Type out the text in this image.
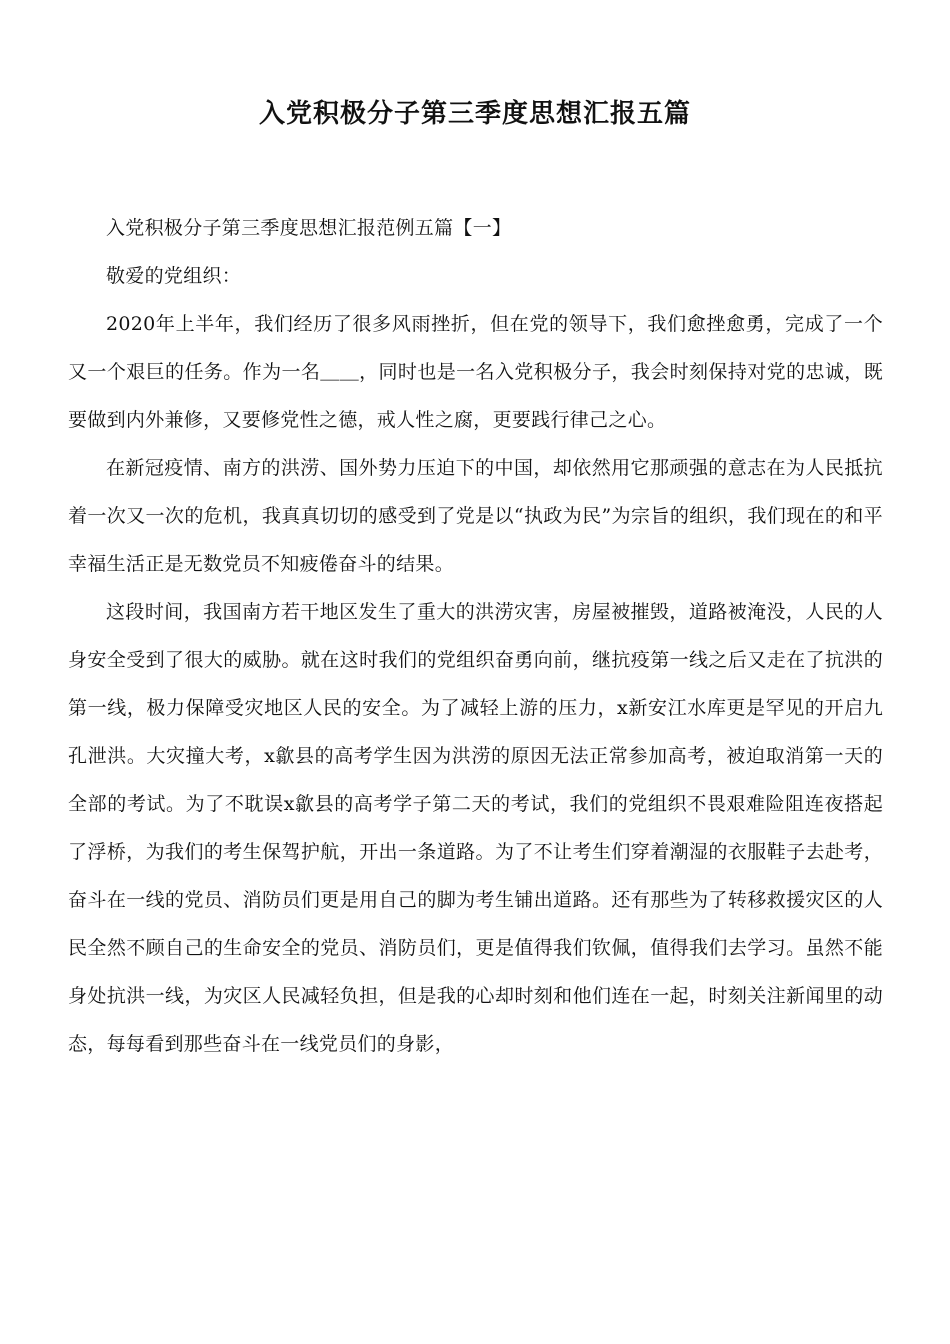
入党积极分子第三季度思想汇报五篇

入党积极分子第三季度思想汇报范例五篇【一】

敬爱的党组织：

2020年上半年，我们经历了很多风雨挫折，但在党的领导下，我们愈挫愈勇，完成了一个又一个艰巨的任务。作为一名＿＿，同时也是一名入党积极分子，我会时刻保持对党的忠诚，既要做到内外兼修，又要修党性之德，戒人性之腐，更要践行律己之心。

在新冠疫情、南方的洪涝、国外势力压迫下的中国，却依然用它那顽强的意志在为人民抵抗着一次又一次的危机，我真真切切的感受到了党是以“执政为民”为宗旨的组织，我们现在的和平幸福生活正是无数党员不知疲倦奋斗的结果。

这段时间，我国南方若干地区发生了重大的洪涝灾害，房屋被摧毁，道路被淹没，人民的人身安全受到了很大的威胁。就在这时我们的党组织奋勇向前，继抗疫第一线之后又走在了抗洪的第一线，极力保障受灾地区人民的安全。为了减轻上游的压力，x新安江水库更是罕见的开启九孔泄洪。大灾撞大考，x歙县的高考学生因为洪涝的原因无法正常参加高考，被迫取消第一天的全部的考试。为了不耽误x歙县的高考学子第二天的考试，我们的党组织不畏艰难险阻连夜搭起了浮桥，为我们的考生保驾护航，开出一条道路。为了不让考生们穿着潮湿的衣服鞋子去赴考，奋斗在一线的党员、消防员们更是用自己的脚为考生铺出道路。还有那些为了转移救援灾区的人民全然不顾自己的生命安全的党员、消防员们，更是值得我们钦佩，值得我们去学习。虽然不能身处抗洪一线，为灾区人民减轻负担，但是我的心却时刻和他们连在一起，时刻关注新闻里的动态，每每看到那些奋斗在一线党员们的身影，
